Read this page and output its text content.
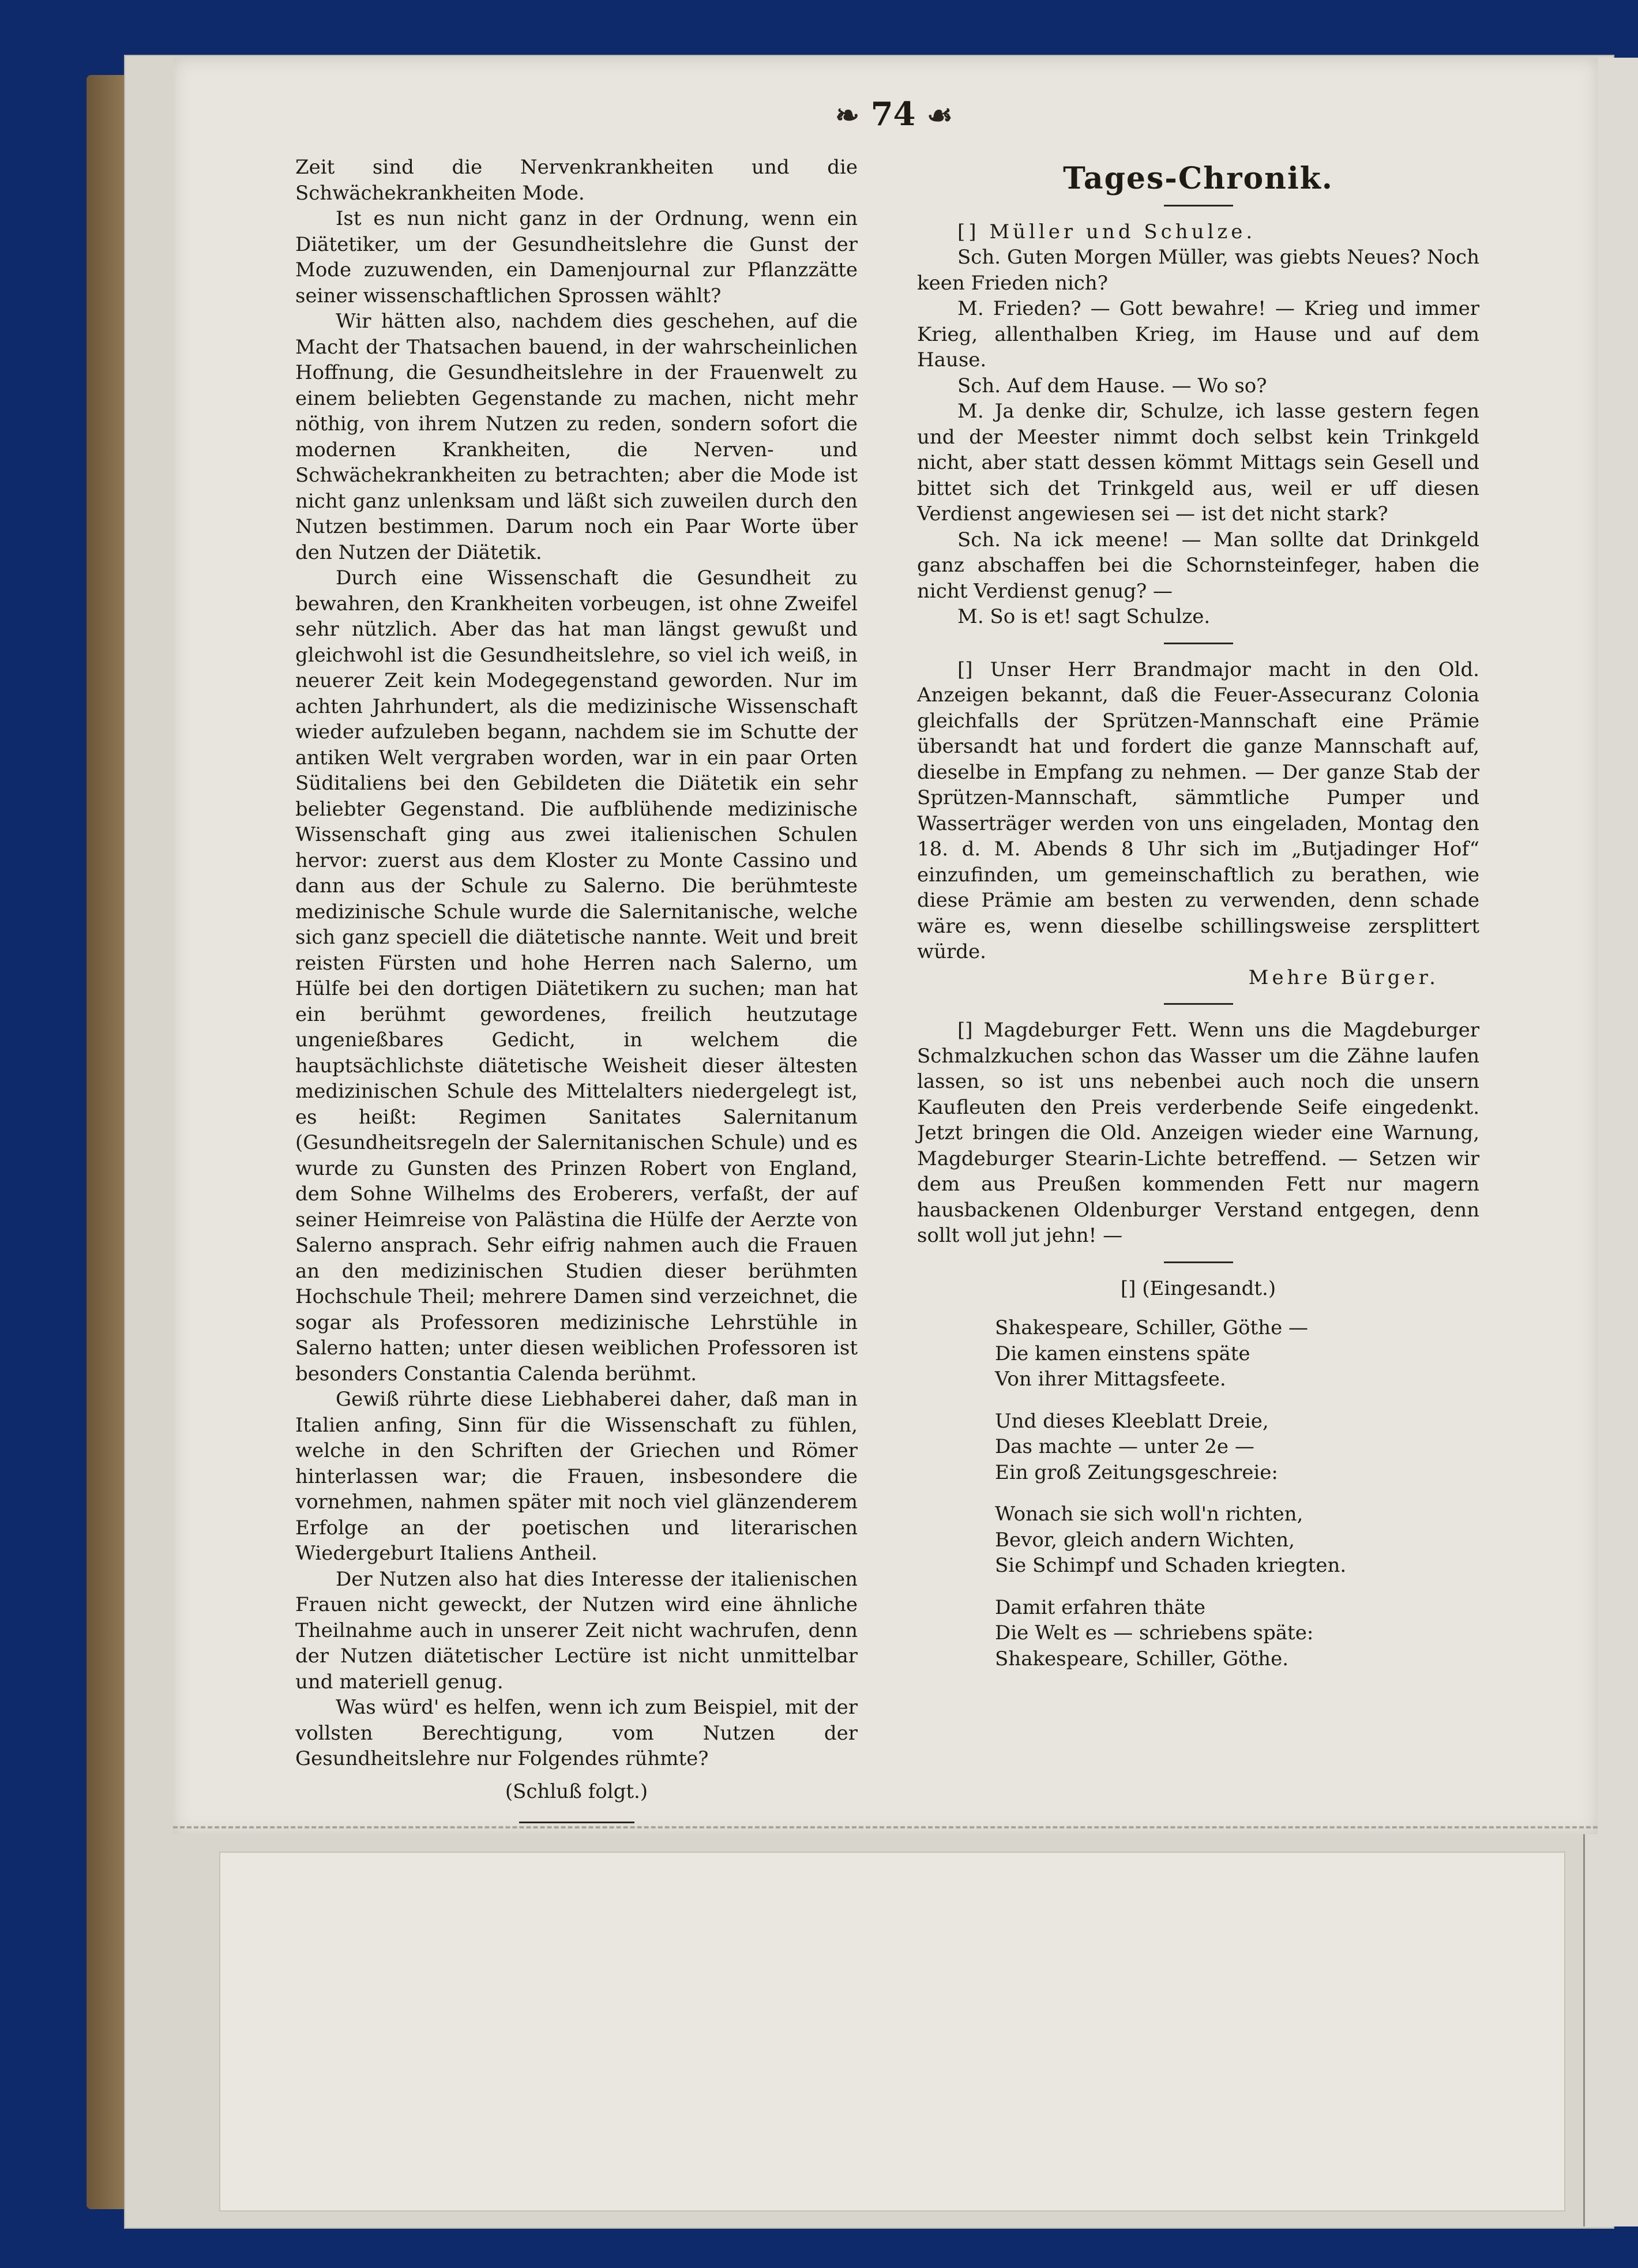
❧ 74 ☙

Zeit sind die Nervenkrankheiten und die Schwächekrankheiten Mode.

Ist es nun nicht ganz in der Ordnung, wenn ein Diätetiker, um der Gesundheitslehre die Gunst der Mode zuzuwenden, ein Damenjournal zur Pflanzzätte seiner wissenschaftlichen Sprossen wählt?

Wir hätten also, nachdem dies geschehen, auf die Macht der Thatsachen bauend, in der wahrscheinlichen Hoffnung, die Gesundheitslehre in der Frauenwelt zu einem beliebten Gegenstande zu machen, nicht mehr nöthig, von ihrem Nutzen zu reden, sondern sofort die modernen Krankheiten, die Nerven- und Schwächekrankheiten zu betrachten; aber die Mode ist nicht ganz unlenksam und läßt sich zuweilen durch den Nutzen bestimmen. Darum noch ein Paar Worte über den Nutzen der Diätetik.

Durch eine Wissenschaft die Gesundheit zu bewahren, den Krankheiten vorbeugen, ist ohne Zweifel sehr nützlich. Aber das hat man längst gewußt und gleichwohl ist die Gesundheitslehre, so viel ich weiß, in neuerer Zeit kein Modegegenstand geworden. Nur im achten Jahrhundert, als die medizinische Wissenschaft wieder aufzuleben begann, nachdem sie im Schutte der antiken Welt vergraben worden, war in ein paar Orten Süditaliens bei den Gebildeten die Diätetik ein sehr beliebter Gegenstand. Die aufblühende medizinische Wissenschaft ging aus zwei italienischen Schulen hervor: zuerst aus dem Kloster zu Monte Cassino und dann aus der Schule zu Salerno. Die berühmteste medizinische Schule wurde die Salernitanische, welche sich ganz speciell die diätetische nannte. Weit und breit reisten Fürsten und hohe Herren nach Salerno, um Hülfe bei den dortigen Diätetikern zu suchen; man hat ein berühmt gewordenes, freilich heutzutage ungenießbares Gedicht, in welchem die hauptsächlichste diätetische Weisheit dieser ältesten medizinischen Schule des Mittelalters niedergelegt ist, es heißt: Regimen Sanitates Salernitanum (Gesundheitsregeln der Salernitanischen Schule) und es wurde zu Gunsten des Prinzen Robert von England, dem Sohne Wilhelms des Eroberers, verfaßt, der auf seiner Heimreise von Palästina die Hülfe der Aerzte von Salerno ansprach. Sehr eifrig nahmen auch die Frauen an den medizinischen Studien dieser berühmten Hochschule Theil; mehrere Damen sind verzeichnet, die sogar als Professoren medizinische Lehrstühle in Salerno hatten; unter diesen weiblichen Professoren ist besonders Constantia Calenda berühmt.

Gewiß rührte diese Liebhaberei daher, daß man in Italien anfing, Sinn für die Wissenschaft zu fühlen, welche in den Schriften der Griechen und Römer hinterlassen war; die Frauen, insbesondere die vornehmen, nahmen später mit noch viel glänzenderem Erfolge an der poetischen und literarischen Wiedergeburt Italiens Antheil.

Der Nutzen also hat dies Interesse der italienischen Frauen nicht geweckt, der Nutzen wird eine ähnliche Theilnahme auch in unserer Zeit nicht wachrufen, denn der Nutzen diätetischer Lectüre ist nicht unmittelbar und materiell genug.

Was würd' es helfen, wenn ich zum Beispiel, mit der vollsten Berechtigung, vom Nutzen der Gesundheitslehre nur Folgendes rühmte?

(Schluß folgt.)

Tages-Chronik.

[] Müller und Schulze.

Sch. Guten Morgen Müller, was giebts Neues? Noch keen Frieden nich?

M. Frieden? — Gott bewahre! — Krieg und immer Krieg, allenthalben Krieg, im Hause und auf dem Hause.

Sch. Auf dem Hause. — Wo so?

M. Ja denke dir, Schulze, ich lasse gestern fegen und der Meester nimmt doch selbst kein Trinkgeld nicht, aber statt dessen kömmt Mittags sein Gesell und bittet sich det Trinkgeld aus, weil er uff diesen Verdienst angewiesen sei — ist det nicht stark?

Sch. Na ick meene! — Man sollte dat Drinkgeld ganz abschaffen bei die Schornsteinfeger, haben die nicht Verdienst genug? —

M. So is et! sagt Schulze.

[] Unser Herr Brandmajor macht in den Old. Anzeigen bekannt, daß die Feuer-Assecuranz Colonia gleichfalls der Sprützen-Mannschaft eine Prämie übersandt hat und fordert die ganze Mannschaft auf, dieselbe in Empfang zu nehmen. — Der ganze Stab der Sprützen-Mannschaft, sämmtliche Pumper und Wasserträger werden von uns eingeladen, Montag den 18. d. M. Abends 8 Uhr sich im „Butjadinger Hof“ einzufinden, um gemeinschaftlich zu berathen, wie diese Prämie am besten zu verwenden, denn schade wäre es, wenn dieselbe schillingsweise zersplittert würde.

Mehre Bürger.

[] Magdeburger Fett. Wenn uns die Magdeburger Schmalzkuchen schon das Wasser um die Zähne laufen lassen, so ist uns nebenbei auch noch die unsern Kaufleuten den Preis verderbende Seife eingedenkt. Jetzt bringen die Old. Anzeigen wieder eine Warnung, Magdeburger Stearin-Lichte betreffend. — Setzen wir dem aus Preußen kommenden Fett nur magern hausbackenen Oldenburger Verstand entgegen, denn sollt woll jut jehn! —

[] (Eingesandt.)

Shakespeare, Schiller, Göthe —

Die kamen einstens späte

Von ihrer Mittagsfeete.

Und dieses Kleeblatt Dreie,

Das machte — unter 2e —

Ein groß Zeitungsgeschreie:

Wonach sie sich woll'n richten,

Bevor, gleich andern Wichten,

Sie Schimpf und Schaden kriegten.

Damit erfahren thäte

Die Welt es — schriebens späte:

Shakespeare, Schiller, Göthe.
